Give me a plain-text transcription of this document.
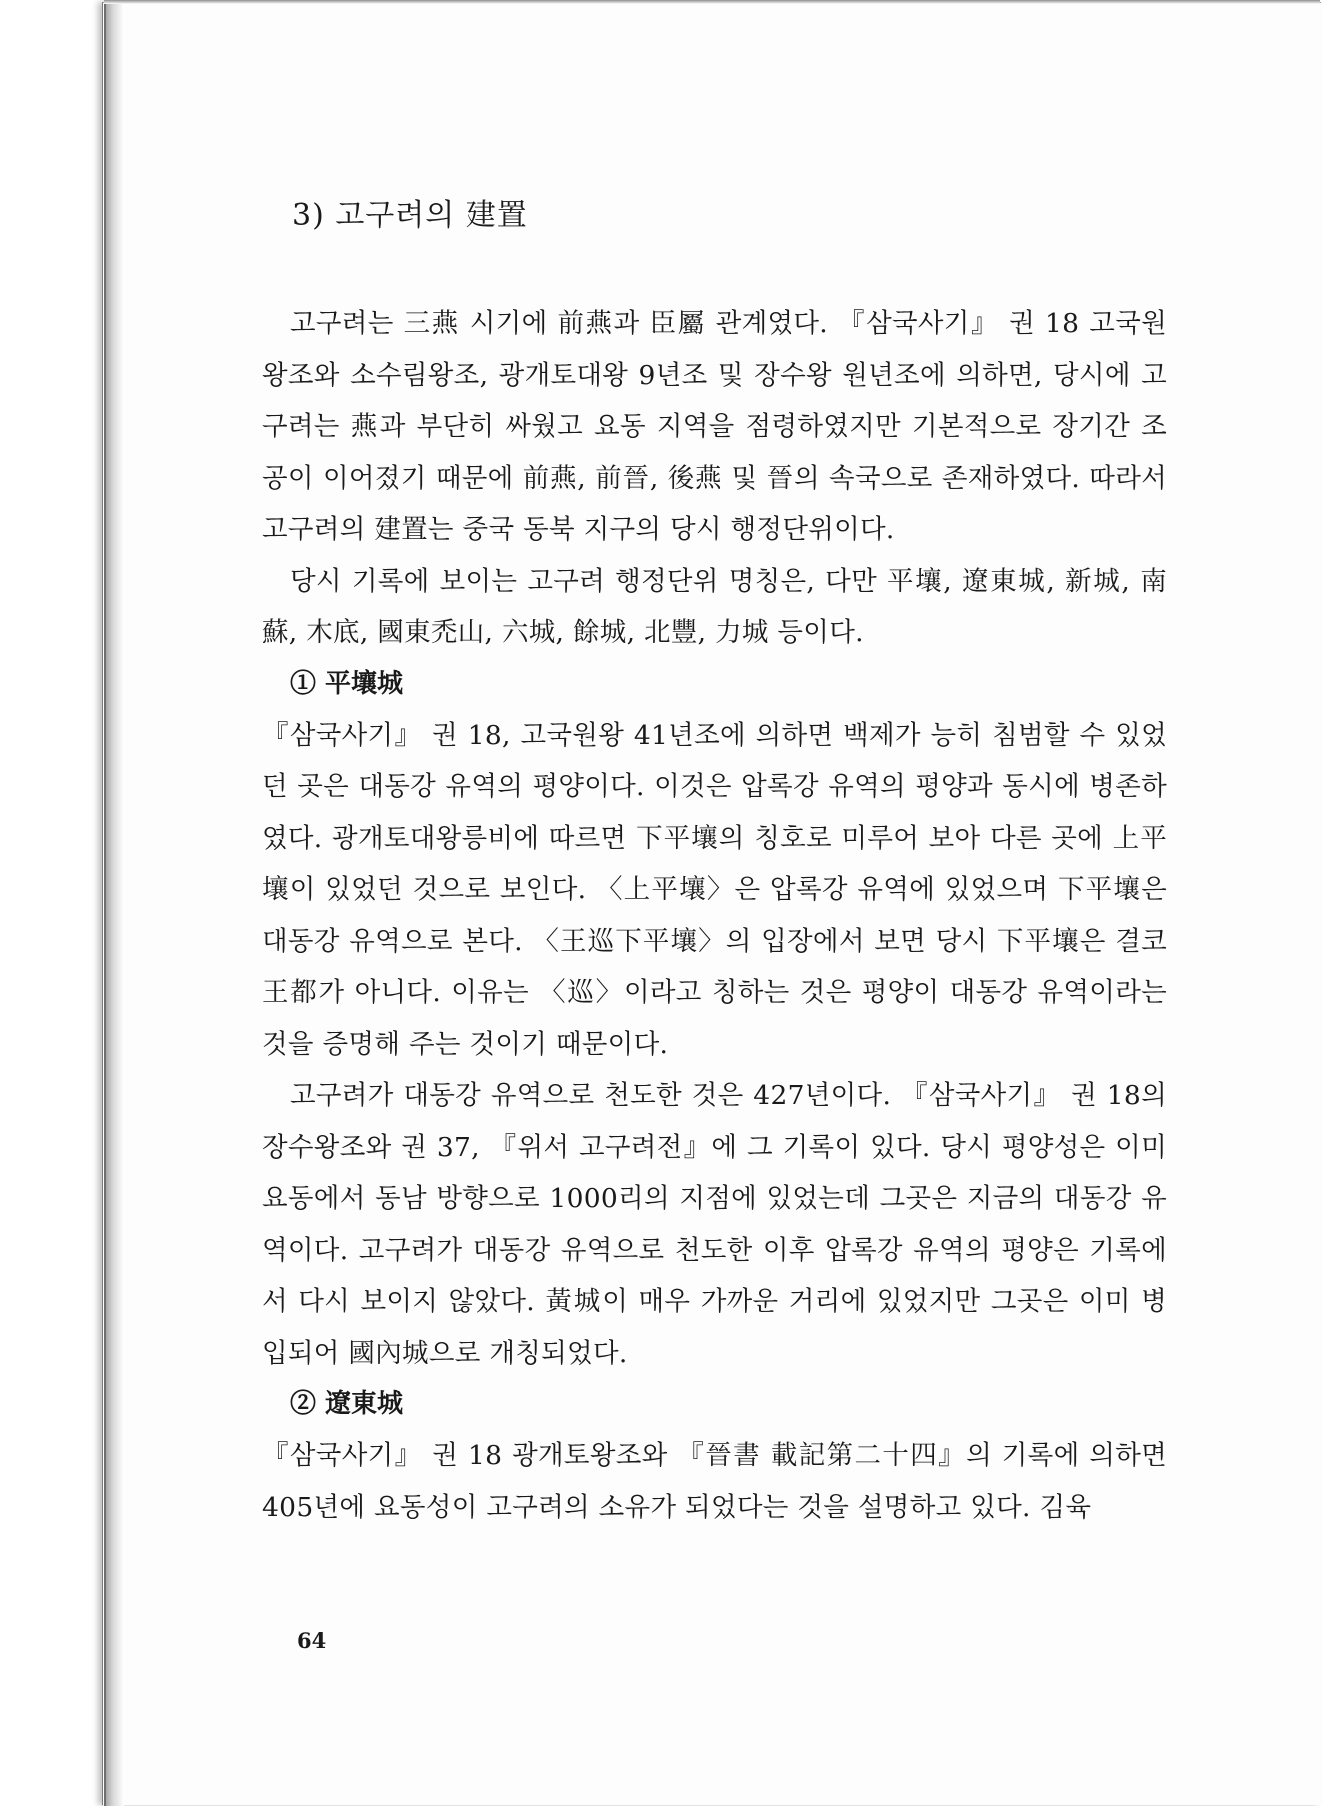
3) 고구려의 建置

고구려는 三燕 시기에 前燕과 臣屬 관계였다. 『삼국사기』 권 18 고국원왕조와 소수림왕조, 광개토대왕 9년조 및 장수왕 원년조에 의하면, 당시에 고구려는 燕과 부단히 싸웠고 요동 지역을 점령하였지만 기본적으로 장기간 조공이 이어졌기 때문에 前燕, 前晉, 後燕 및 晉의 속국으로 존재하였다. 따라서 고구려의 建置는 중국 동북 지구의 당시 행정단위이다.

당시 기록에 보이는 고구려 행정단위 명칭은, 다만 平壤, 遼東城, 新城, 南蘇, 木底, 國東禿山, 六城, 餘城, 北豐, 力城 등이다.

① 平壤城

『삼국사기』 권 18, 고국원왕 41년조에 의하면 백제가 능히 침범할 수 있었던 곳은 대동강 유역의 평양이다. 이것은 압록강 유역의 평양과 동시에 병존하였다. 광개토대왕릉비에 따르면 下平壤의 칭호로 미루어 보아 다른 곳에 上平壤이 있었던 것으로 보인다. 〈上平壤〉은 압록강 유역에 있었으며 下平壤은 대동강 유역으로 본다. 〈王巡下平壤〉의 입장에서 보면 당시 下平壤은 결코 王都가 아니다. 이유는 〈巡〉이라고 칭하는 것은 평양이 대동강 유역이라는 것을 증명해 주는 것이기 때문이다.

고구려가 대동강 유역으로 천도한 것은 427년이다. 『삼국사기』 권 18의 장수왕조와 권 37, 『위서 고구려전』에 그 기록이 있다. 당시 평양성은 이미 요동에서 동남 방향으로 1000리의 지점에 있었는데 그곳은 지금의 대동강 유역이다. 고구려가 대동강 유역으로 천도한 이후 압록강 유역의 평양은 기록에서 다시 보이지 않았다. 黃城이 매우 가까운 거리에 있었지만 그곳은 이미 병입되어 國內城으로 개칭되었다.

② 遼東城

『삼국사기』 권 18 광개토왕조와 『晉書 載記第二十四』의 기록에 의하면 405년에 요동성이 고구려의 소유가 되었다는 것을 설명하고 있다. 김육

64
